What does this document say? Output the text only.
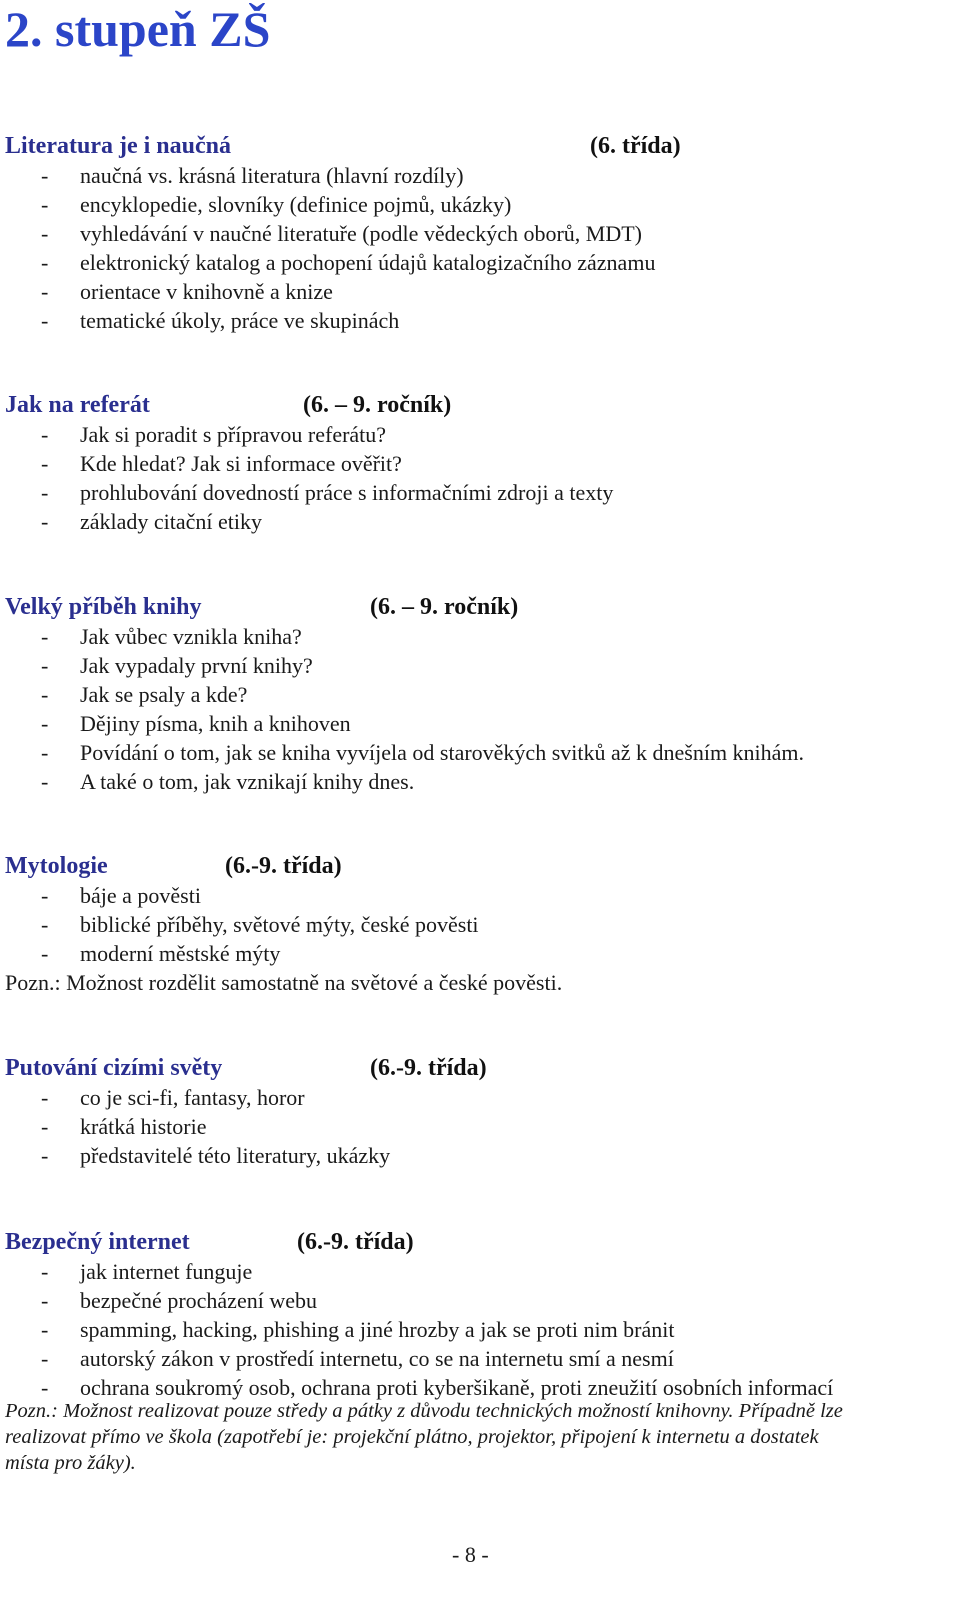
2. stupeň ZŠ
Literatura je i naučná	(6. třída)
- naučná vs. krásná literatura (hlavní rozdíly)
- encyklopedie, slovníky (definice pojmů, ukázky)
- vyhledávání v naučné literatuře (podle vědeckých oborů, MDT)
- elektronický katalog a pochopení údajů katalogizačního záznamu
- orientace v knihovně a knize
- tematické úkoly, práce ve skupinách
Jak na referát	(6. – 9. ročník)
- Jak si poradit s přípravou referátu?
- Kde hledat? Jak si informace ověřit?
- prohlubování dovedností práce s informačními zdroji a texty
- základy citační etiky
Velký příběh knihy	(6. – 9. ročník)
- Jak vůbec vznikla kniha?
- Jak vypadaly první knihy?
- Jak se psaly a kde?
- Dějiny písma, knih a knihoven
- Povídání o tom, jak se kniha vyvíjela od starověkých svitků až k dnešním knihám.
- A také o tom, jak vznikají knihy dnes.
Mytologie	(6.-9. třída)
- báje a pověsti
- biblické příběhy, světové mýty, české pověsti
- moderní městské mýty
Pozn.: Možnost rozdělit samostatně na světové a české pověsti.
Putování cizími světy	(6.-9. třída)
- co je sci-fi, fantasy, horor
- krátká historie
- představitelé této literatury, ukázky
Bezpečný internet	(6.-9. třída)
- jak internet funguje
- bezpečné procházení webu
- spamming, hacking, phishing a jiné hrozby a jak se proti nim bránit
- autorský zákon v prostředí internetu, co se na internetu smí a nesmí
- ochrana soukromý osob, ochrana proti kyberšikaně, proti zneužití osobních informací

Pozn.: Možnost realizovat pouze středy a pátky z důvodu technických možností knihovny. Případně lze
realizovat přímo ve škola (zapotřebí je: projekční plátno, projektor, připojení k internetu a dostatek
místa pro žáky).

- 8 -
